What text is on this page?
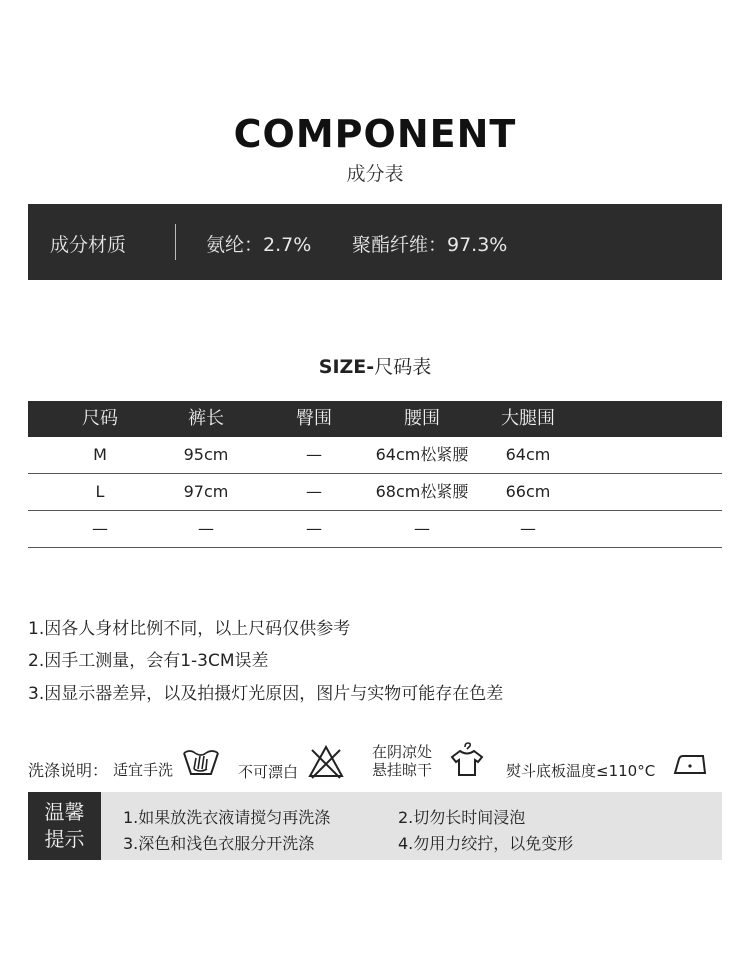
COMPONENT
成分表
成分材质	氨纶：2.7% 聚酯纤维：97.3%
SIZE-尺码表
尺码	裤长	臀围	腰围	大腿围
M	95cm	—	64cm松紧腰	64cm
L	97cm	—	68cm松紧腰	66cm
—	—	—	—	—
1.因各人身材比例不同，以上尺码仅供参考
2.因手工测量，会有1-3CM误差
3.因显示器差异，以及拍摄灯光原因，图片与实物可能存在色差
洗涤说明： 适宜手洗	不可漂白
在阴凉处
悬挂晾干	熨斗底板温度≤110°C
温馨
提示
1.如果放洗衣液请搅匀再洗涤	2.切勿长时间浸泡
3.深色和浅色衣服分开洗涤	4.勿用力绞拧，以免变形
